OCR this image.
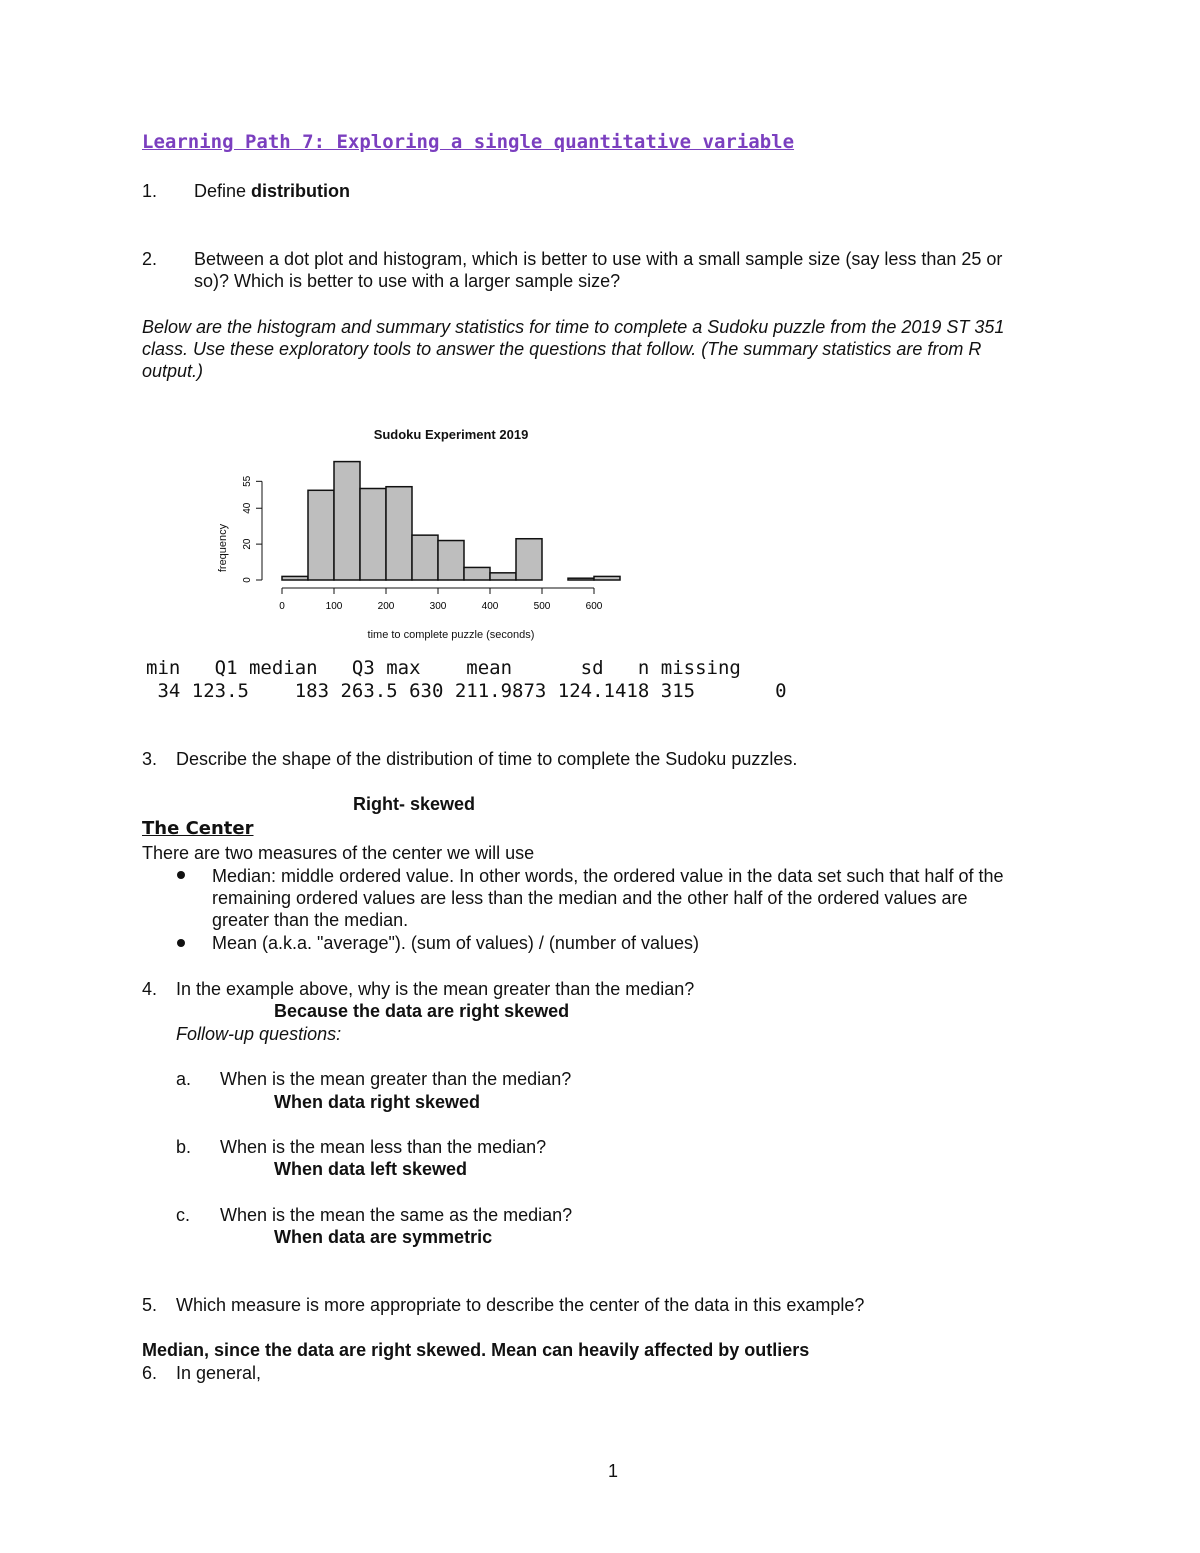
Learning Path 7: Exploring a single quantitative variable
1. Define distribution
2. Between a dot plot and histogram, which is better to use with a small sample size (say less than 25 or
so)? Which is better to use with a larger sample size?
Below are the histogram and summary statistics for time to complete a Sudoku puzzle from the 2019 ST 351
class. Use these exploratory tools to answer the questions that follow. (The summary statistics are from R
output.)
Sudoku Experiment 2019
frequency
time to complete puzzle (seconds)
0
20
40
55
0	100	200	300	400	500	600
min   Q1 median   Q3 max    mean      sd   n missing
34 123.5    183 263.5 630 211.9873 124.1418 315       0
3. Describe the shape of the distribution of time to complete the Sudoku puzzles.
Right- skewed
The Center
There are two measures of the center we will use
Median: middle ordered value. In other words, the ordered value in the data set such that half of the
remaining ordered values are less than the median and the other half of the ordered values are
greater than the median.
Mean (a.k.a. "average"). (sum of values) / (number of values)
4. In the example above, why is the mean greater than the median?
Because the data are right skewed
Follow-up questions:
a. When is the mean greater than the median?
When data right skewed
b. When is the mean less than the median?
When data left skewed
c. When is the mean the same as the median?
When data are symmetric
5. Which measure is more appropriate to describe the center of the data in this example?
Median, since the data are right skewed. Mean can heavily affected by outliers
6. In general,
1
